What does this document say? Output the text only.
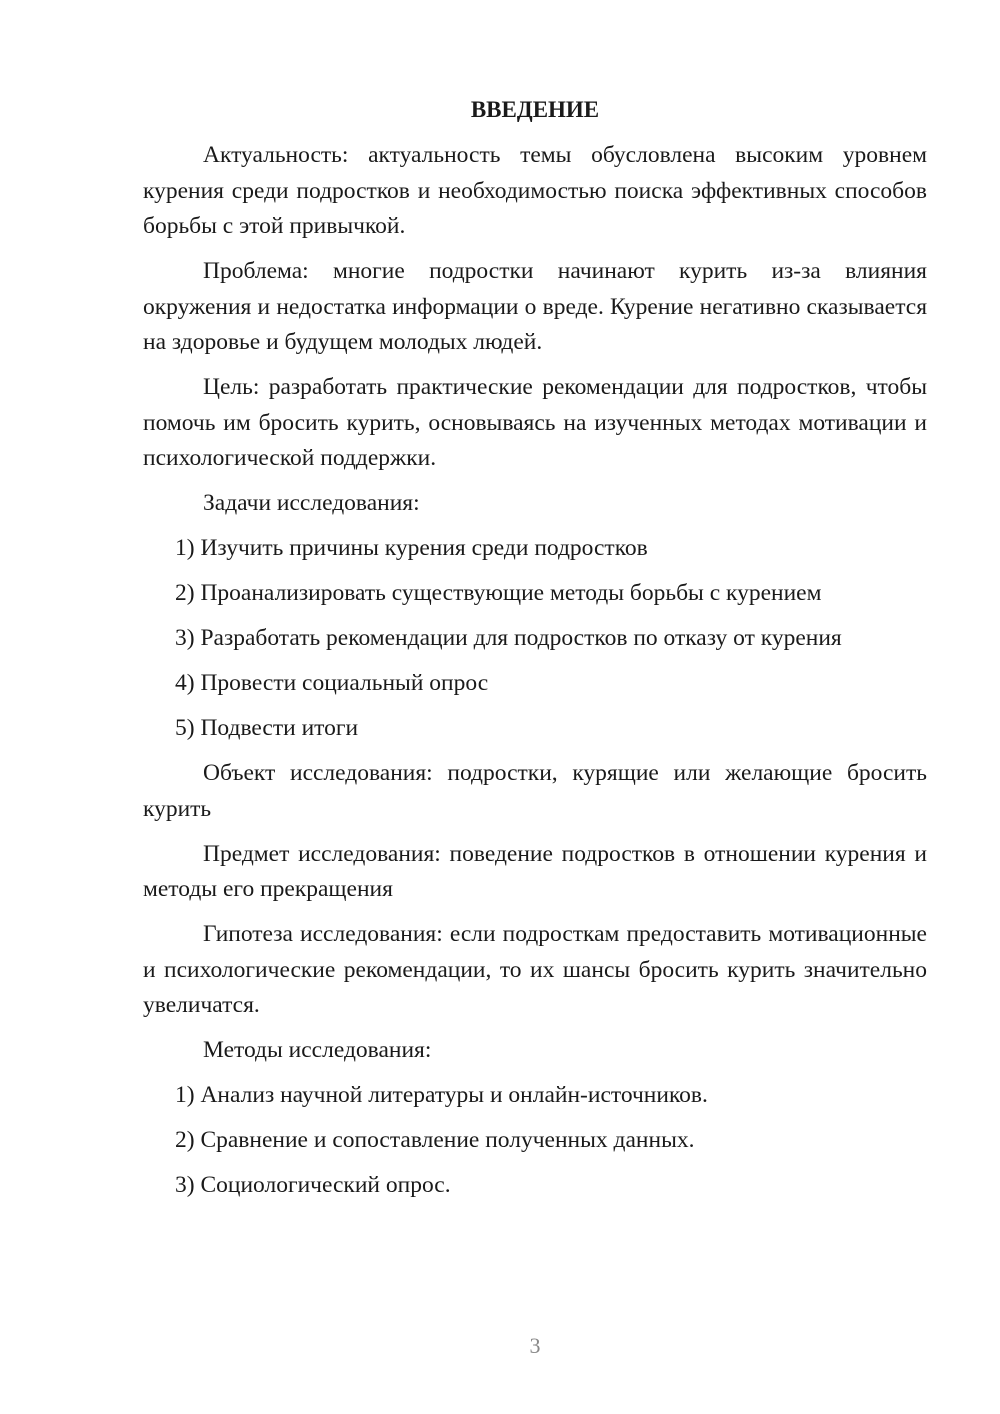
ВВЕДЕНИЕ
Актуальность: актуальность темы обусловлена высоким уровнем курения среди подростков и необходимостью поиска эффективных способов борьбы с этой привычкой.
Проблема: многие подростки начинают курить из-за влияния окружения и недостатка информации о вреде. Курение негативно сказывается на здоровье и будущем молодых людей.
Цель: разработать практические рекомендации для подростков, чтобы помочь им бросить курить, основываясь на изученных методах мотивации и психологической поддержки.
Задачи исследования:
1) Изучить причины курения среди подростков
2) Проанализировать существующие методы борьбы с курением
3) Разработать рекомендации для подростков по отказу от курения
4) Провести социальный опрос
5) Подвести итоги
Объект исследования: подростки, курящие или желающие бросить курить
Предмет исследования: поведение подростков в отношении курения и методы его прекращения
Гипотеза исследования: если подросткам предоставить мотивационные и психологические рекомендации, то их шансы бросить курить значительно увеличатся.
Методы исследования:
1) Анализ научной литературы и онлайн-источников.
2) Сравнение и сопоставление полученных данных.
3) Социологический опрос.
3
